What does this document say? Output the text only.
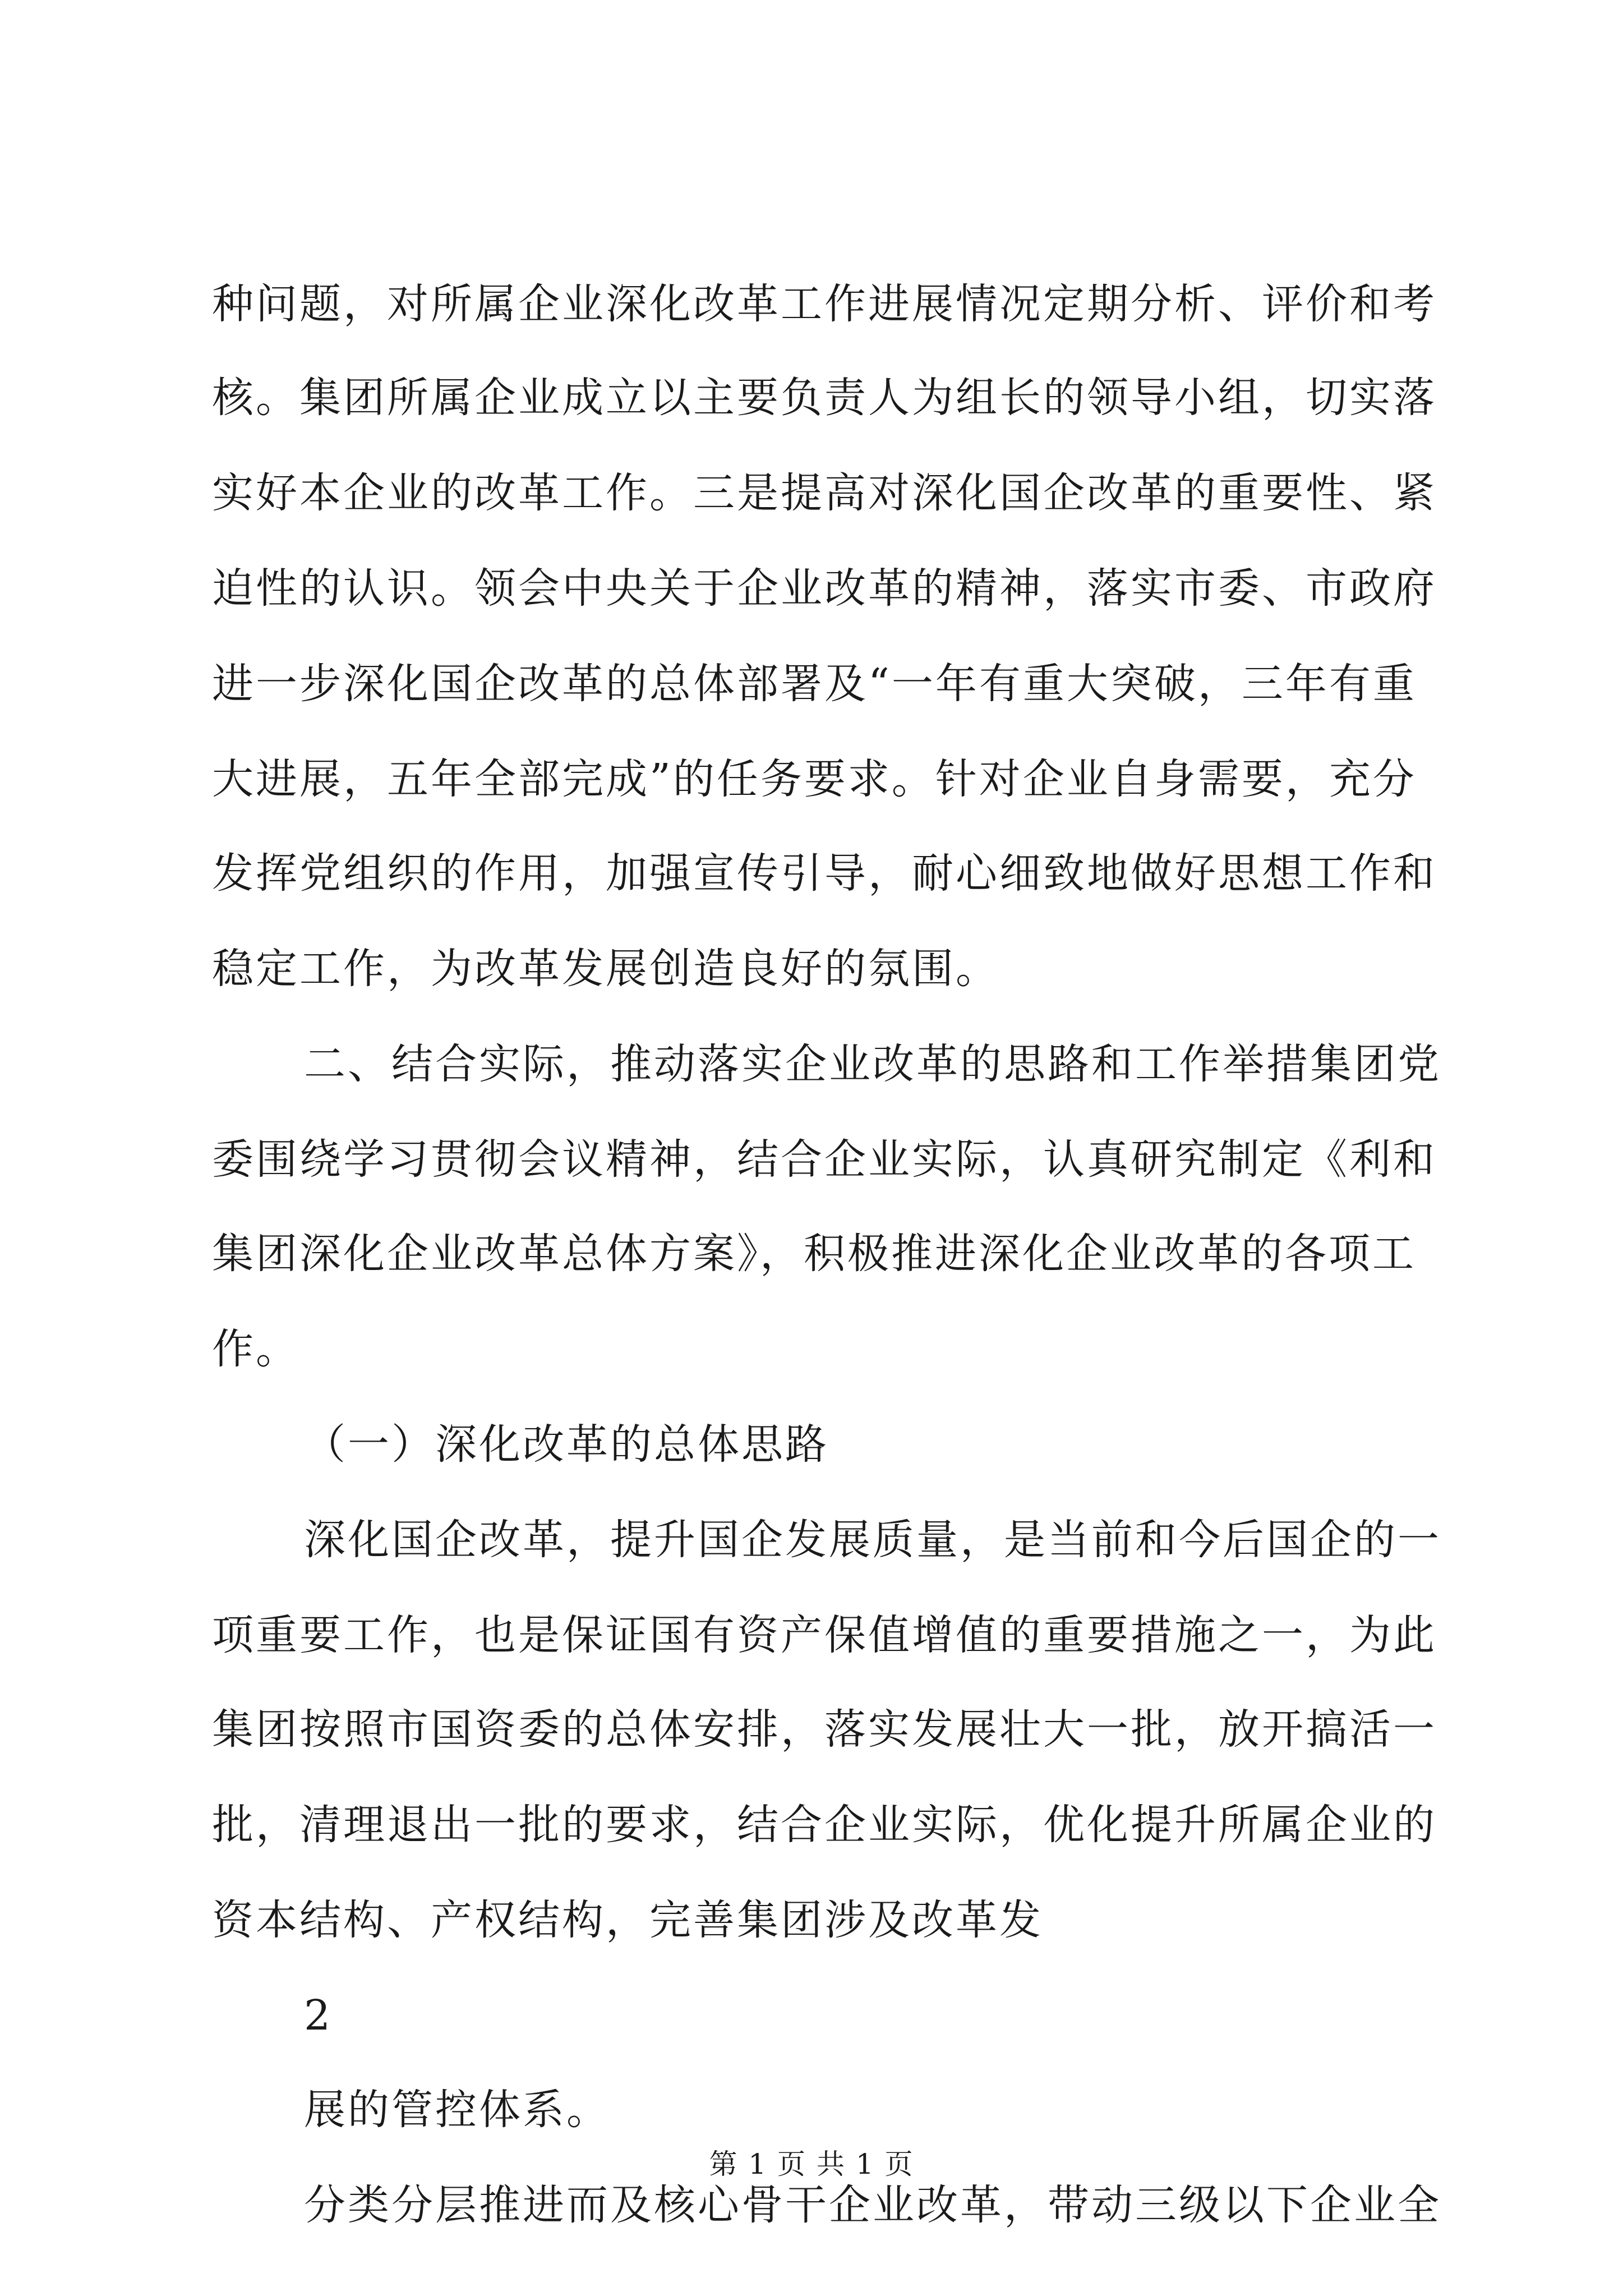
种问题，对所属企业深化改革工作进展情况定期分析、评价和考

核。集团所属企业成立以主要负责人为组长的领导小组，切实落

实好本企业的改革工作。三是提高对深化国企改革的重要性、紧

迫性的认识。领会中央关于企业改革的精神，落实市委、市政府

进一步深化国企改革的总体部署及“一年有重大突破，三年有重

大进展，五年全部完成”的任务要求。针对企业自身需要，充分

发挥党组织的作用，加强宣传引导，耐心细致地做好思想工作和

稳定工作，为改革发展创造良好的氛围。

二、结合实际，推动落实企业改革的思路和工作举措集团党

委围绕学习贯彻会议精神，结合企业实际，认真研究制定《利和

集团深化企业改革总体方案》，积极推进深化企业改革的各项工

作。

（一）深化改革的总体思路

深化国企改革，提升国企发展质量，是当前和今后国企的一

项重要工作，也是保证国有资产保值增值的重要措施之一，为此

集团按照市国资委的总体安排，落实发展壮大一批，放开搞活一

批，清理退出一批的要求，结合企业实际，优化提升所属企业的

资本结构、产权结构，完善集团涉及改革发

2

展的管控体系。

分类分层推进而及核心骨干企业改革，带动三级以下企业全

第 1 页 共 1 页
